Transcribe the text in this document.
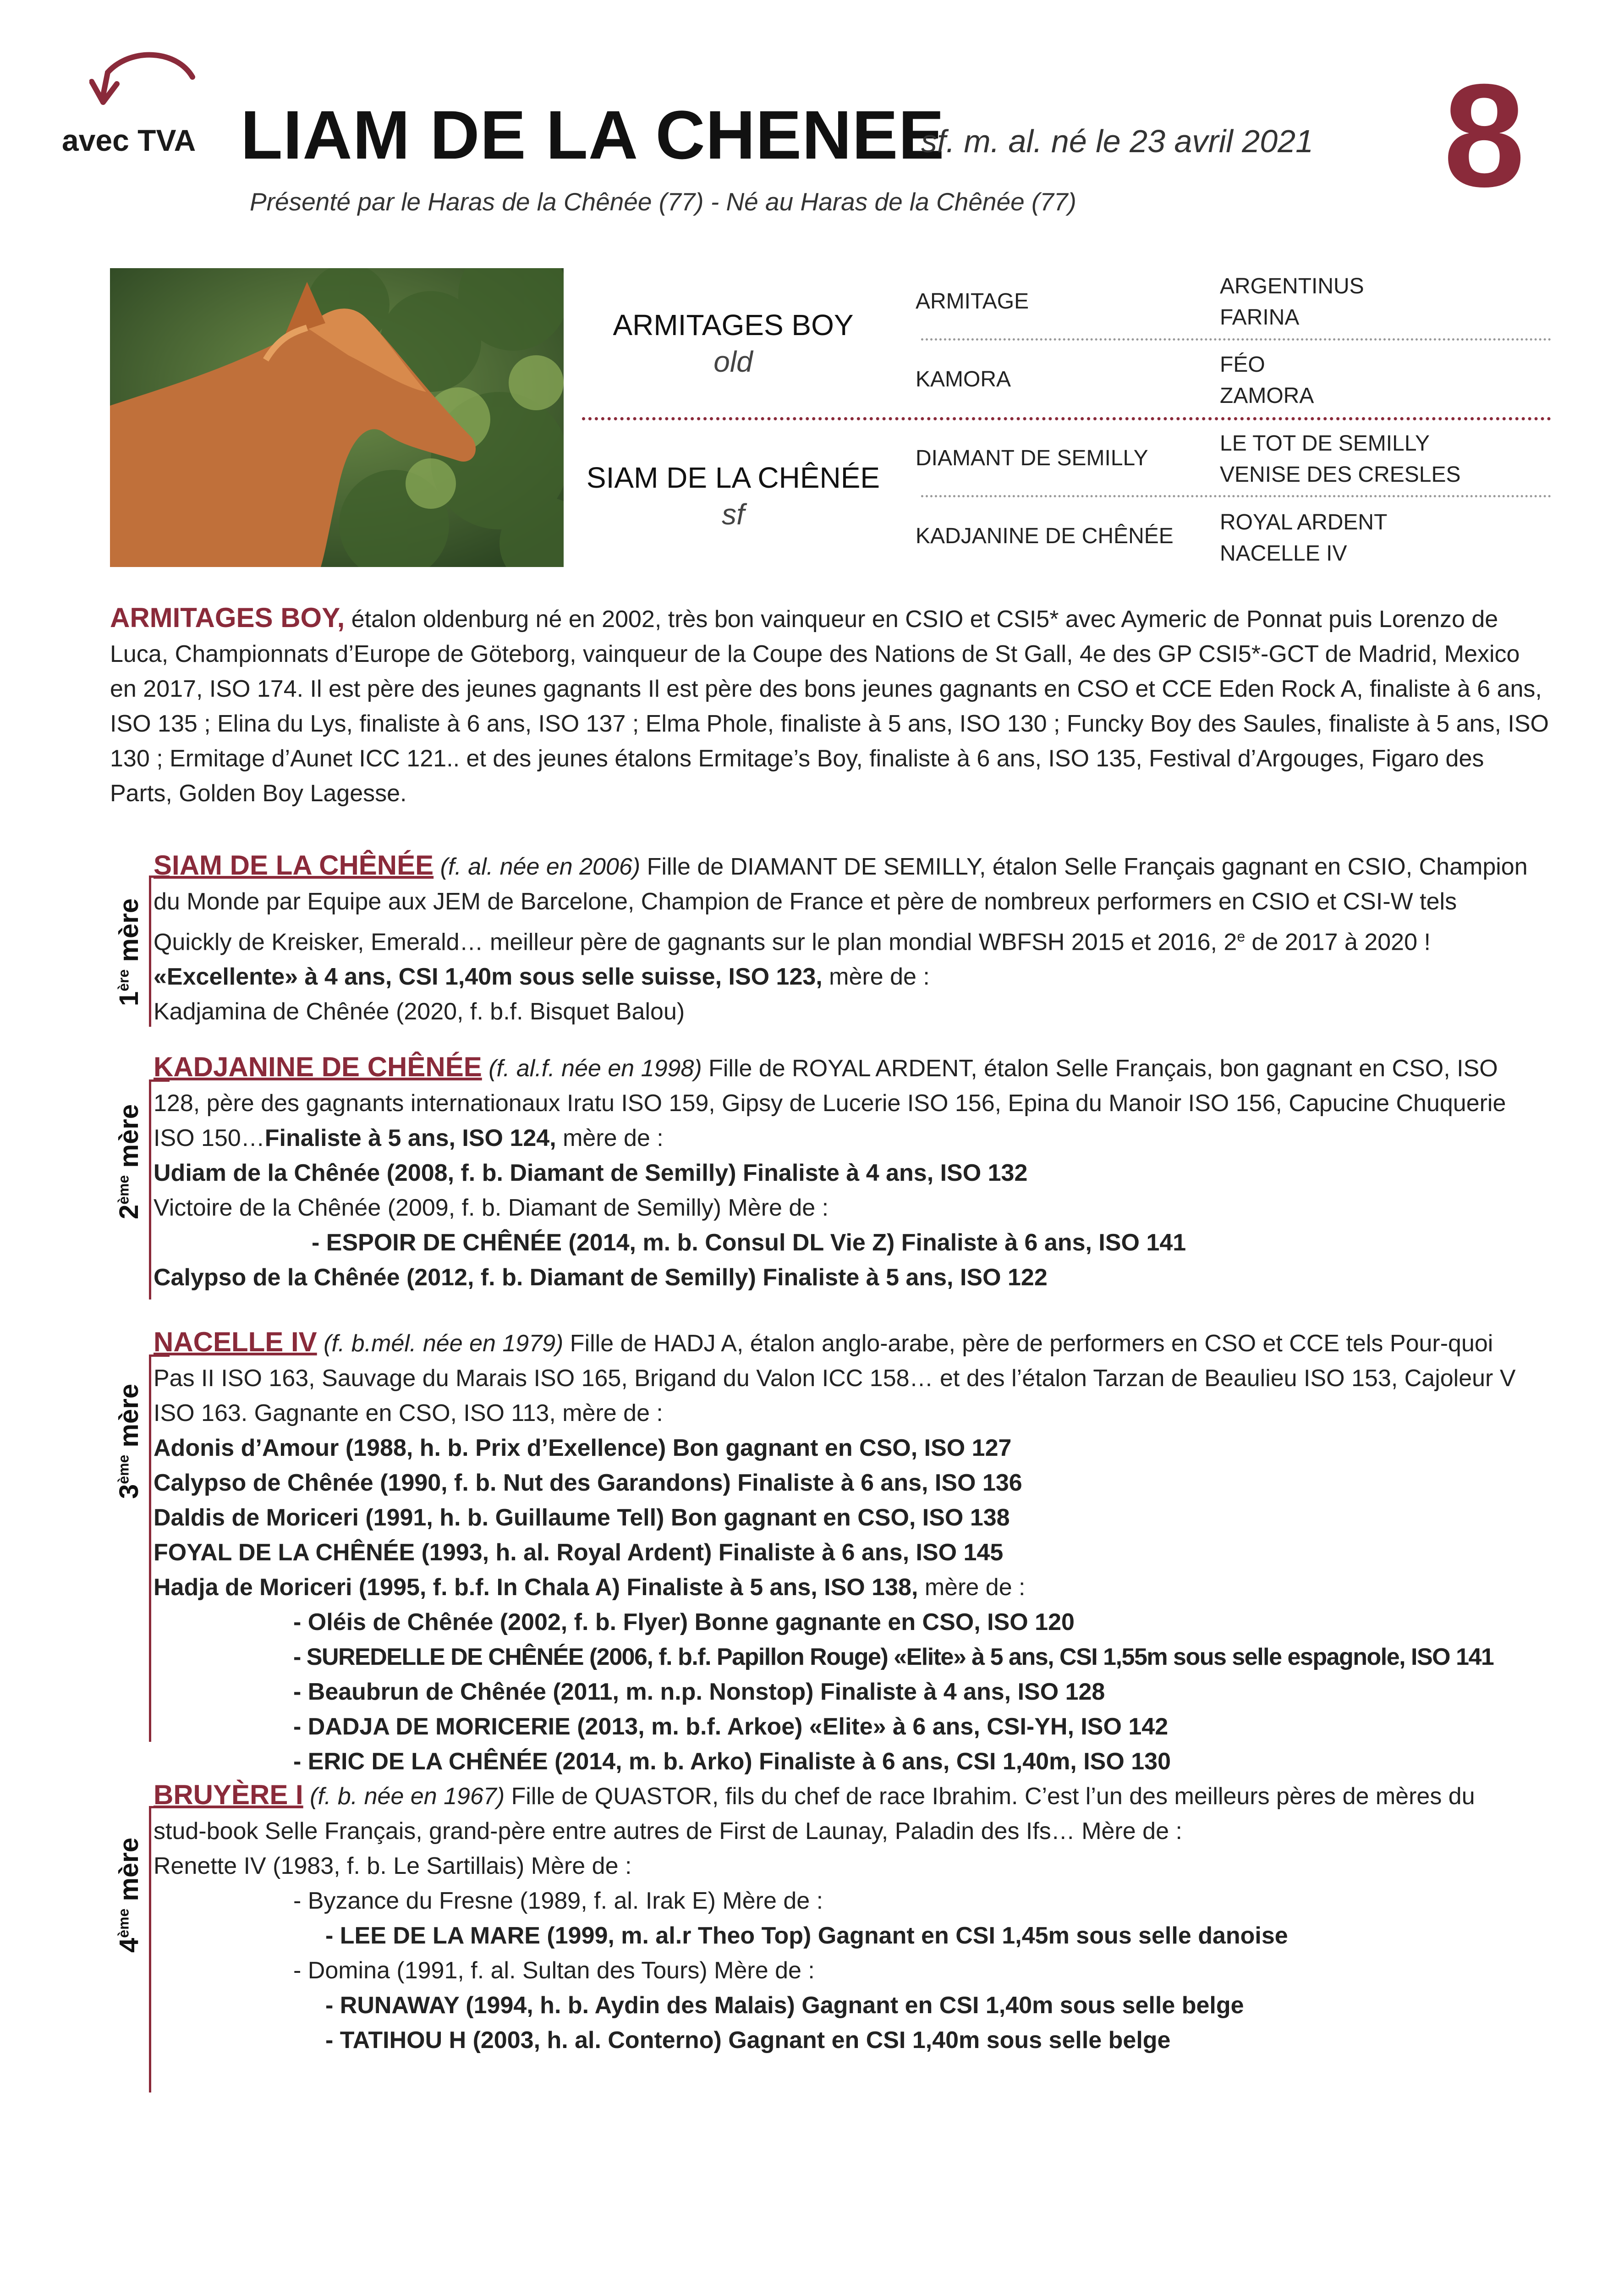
avec TVA LIAM DE LA CHENEE
sf. m. al. né le 23 avril 2021 8
Présenté par le Haras de la Chênée (77) - Né au Haras de la Chênée (77)
ARMITAGES BOY
old
SIAM DE LA CHÊNÉE
sf
ARMITAGE
KAMORA
DIAMANT DE SEMILLY
KADJANINE DE CHÊNÉE
ARGENTINUS
FARINA
FÉO
ZAMORA
LE TOT DE SEMILLY
VENISE DES CRESLES
ROYAL ARDENT
NACELLE IV

ARMITAGES BOY, étalon oldenburg né en 2002, très bon vainqueur en CSIO et CSI5* avec Aymeric de Ponnat puis Lorenzo de Luca, Championnats d’Europe de Göteborg, vainqueur de la Coupe des Nations de St Gall, 4e des GP CSI5*-GCT de Madrid, Mexico en 2017, ISO 174. Il est père des jeunes gagnants Il est père des bons jeunes gagnants en CSO et CCE Eden Rock A, finaliste à 6 ans, ISO 135 ; Elina du Lys, finaliste à 6 ans, ISO 137 ; Elma Phole, finaliste à 5 ans, ISO 130 ; Funcky Boy des Saules, finaliste à 5 ans, ISO 130 ; Ermitage d’Aunet ICC 121.. et des jeunes étalons Ermitage’s Boy, finaliste à 6 ans, ISO 135, Festival d’Argouges, Figaro des Parts, Golden Boy Lagesse.

1ère mère

SIAM DE LA CHÊNÉE (f. al. née en 2006) Fille de DIAMANT DE SEMILLY, étalon Selle Français gagnant en CSIO, Champion du Monde par Equipe aux JEM de Barcelone, Champion de France et père de nombreux performers en CSIO et CSI-W tels Quickly de Kreisker, Emerald… meilleur père de gagnants sur le plan mondial WBFSH 2015 et 2016, 2e de 2017 à 2020 ! «Excellente» à 4 ans, CSI 1,40m sous selle suisse, ISO 123, mère de :

Kadjamina de Chênée (2020, f. b.f. Bisquet Balou)

2ème mère

KADJANINE DE CHÊNÉE (f. al.f. née en 1998) Fille de ROYAL ARDENT, étalon Selle Français, bon gagnant en CSO, ISO 128, père des gagnants internationaux Iratu ISO 159, Gipsy de Lucerie ISO 156, Epina du Manoir ISO 156, Capucine Chuquerie ISO 150…Finaliste à 5 ans, ISO 124, mère de :

Udiam de la Chênée (2008, f. b. Diamant de Semilly) Finaliste à 4 ans, ISO 132

Victoire de la Chênée (2009, f. b. Diamant de Semilly) Mère de :

- ESPOIR DE CHÊNÉE (2014, m. b. Consul DL Vie Z) Finaliste à 6 ans, ISO 141

Calypso de la Chênée (2012, f. b. Diamant de Semilly) Finaliste à 5 ans, ISO 122

3ème mère

NACELLE IV (f. b.mél. née en 1979) Fille de HADJ A, étalon anglo-arabe, père de performers en CSO et CCE tels Pour-quoi Pas II ISO 163, Sauvage du Marais ISO 165, Brigand du Valon ICC 158… et des l’étalon Tarzan de Beaulieu ISO 153, Cajoleur V ISO 163. Gagnante en CSO, ISO 113, mère de :

Adonis d’Amour (1988, h. b. Prix d’Exellence) Bon gagnant en CSO, ISO 127

Calypso de Chênée (1990, f. b. Nut des Garandons) Finaliste à 6 ans, ISO 136

Daldis de Moriceri (1991, h. b. Guillaume Tell) Bon gagnant en CSO, ISO 138

FOYAL DE LA CHÊNÉE (1993, h. al. Royal Ardent) Finaliste à 6 ans, ISO 145

Hadja de Moriceri (1995, f. b.f. In Chala A) Finaliste à 5 ans, ISO 138, mère de :

- Oléis de Chênée (2002, f. b. Flyer) Bonne gagnante en CSO, ISO 120

- SUREDELLE DE CHÊNÉE (2006, f. b.f. Papillon Rouge) «Elite» à 5 ans, CSI 1,55m sous selle espagnole, ISO 141

- Beaubrun de Chênée (2011, m. n.p. Nonstop) Finaliste à 4 ans, ISO 128

- DADJA DE MORICERIE (2013, m. b.f. Arkoe) «Elite» à 6 ans, CSI-YH, ISO 142

- ERIC DE LA CHÊNÉE (2014, m. b. Arko) Finaliste à 6 ans, CSI 1,40m, ISO 130

4ème mère

BRUYÈRE I (f. b. née en 1967) Fille de QUASTOR, fils du chef de race Ibrahim. C’est l’un des meilleurs pères de mères du stud-book Selle Français, grand-père entre autres de First de Launay, Paladin des Ifs… Mère de :

Renette IV (1983, f. b. Le Sartillais) Mère de :

- Byzance du Fresne (1989, f. al. Irak E) Mère de :

- LEE DE LA MARE (1999, m. al.r Theo Top) Gagnant en CSI 1,45m sous selle danoise

- Domina (1991, f. al. Sultan des Tours) Mère de :

- RUNAWAY (1994, h. b. Aydin des Malais) Gagnant en CSI 1,40m sous selle belge

- TATIHOU H (2003, h. al. Conterno) Gagnant en CSI 1,40m sous selle belge
